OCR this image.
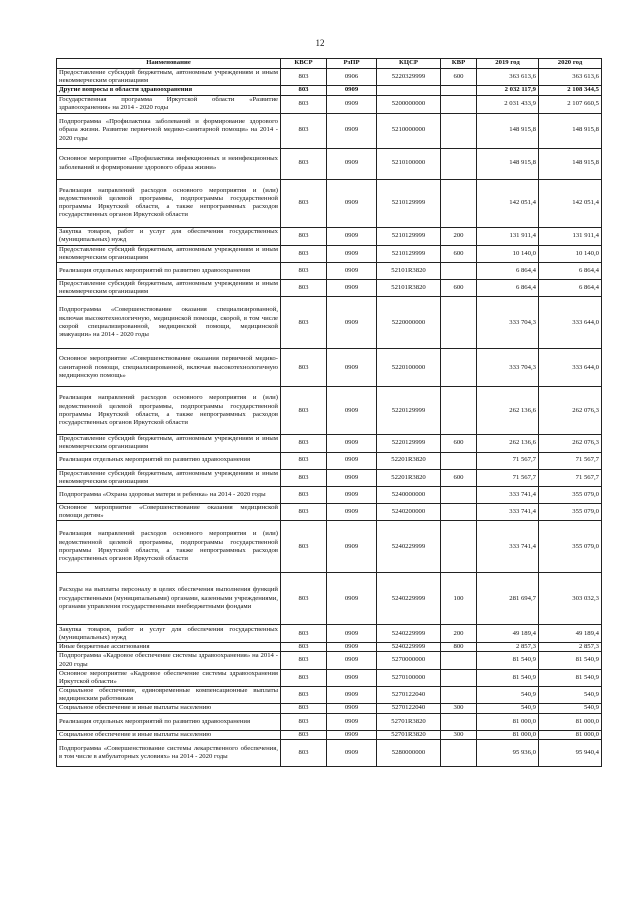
12
Наименование	КВСР	РзПР	КЦСР	КВР	2019 год	2020 год
Предоставление субсидий бюджетным, автономным учреждениям и иным некоммерческим организациям	803	0906	5220329999	600	363 613,6	363 613,6
Другие вопросы в области здравоохранения	803	0909			2 032 117,9	2 108 344,5
Государственная программа Иркутской области «Развитие здравоохранения» на 2014 - 2020 годы	803	0909	5200000000		2 031 433,9	2 107 660,5
Подпрограмма «Профилактика заболеваний и формирование здорового образа жизни. Развитие первичной медико-санитарной помощи» на 2014 - 2020 годы	803	0909	5210000000		148 915,8	148 915,8
Основное мероприятие «Профилактика инфекционных и неинфекционных заболеваний и формирование здорового образа жизни»	803	0909	5210100000		148 915,8	148 915,8
Реализация направлений расходов основного мероприятия и (или) ведомственной целевой программы, подпрограммы государственной программы Иркутской области, а также непрограммных расходов государственных органов Иркутской области	803	0909	5210129999		142 051,4	142 051,4
Закупка товаров, работ и услуг для обеспечения государственных (муниципальных) нужд	803	0909	5210129999	200	131 911,4	131 911,4
Предоставление субсидий бюджетным, автономным учреждениям и иным некоммерческим организациям	803	0909	5210129999	600	10 140,0	10 140,0
Реализация отдельных мероприятий по развитию здравоохранения	803	0909	52101R3820		6 864,4	6 864,4
Предоставление субсидий бюджетным, автономным учреждениям и иным некоммерческим организациям	803	0909	52101R3820	600	6 864,4	6 864,4
Подпрограмма «Совершенствование оказания специализированной, включая высокотехнологичную, медицинской помощи, скорой, в том числе скорой специализированной, медицинской помощи, медицинской эвакуации» на 2014 - 2020 годы	803	0909	5220000000		333 704,3	333 644,0
Основное мероприятие «Совершенствование оказания первичной медико-санитарной помощи, специализированной, включая высокотехнологичную медицинскую помощь»	803	0909	5220100000		333 704,3	333 644,0
Реализация направлений расходов основного мероприятия и (или) ведомственной целевой программы, подпрограммы государственной программы Иркутской области, а также непрограммных расходов государственных органов Иркутской области	803	0909	5220129999		262 136,6	262 076,3
Предоставление субсидий бюджетным, автономным учреждениям и иным некоммерческим организациям	803	0909	5220129999	600	262 136,6	262 076,3
Реализация отдельных мероприятий по развитию здравоохранения	803	0909	52201R3820		71 567,7	71 567,7
Предоставление субсидий бюджетным, автономным учреждениям и иным некоммерческим организациям	803	0909	52201R3820	600	71 567,7	71 567,7
Подпрограмма «Охрана здоровья матери и ребенка» на 2014 - 2020 годы	803	0909	5240000000		333 741,4	355 079,0
Основное мероприятие «Совершенствование оказания медицинской помощи детям»	803	0909	5240200000		333 741,4	355 079,0
Реализация направлений расходов основного мероприятия и (или) ведомственной целевой программы, подпрограммы государственной программы Иркутской области, а также непрограммных расходов государственных органов Иркутской области	803	0909	5240229999		333 741,4	355 079,0
Расходы на выплаты персоналу в целях обеспечения выполнения функций государственными (муниципальными) органами, казенными учреждениями, органами управления государственными внебюджетными фондами	803	0909	5240229999	100	281 694,7	303 032,3
Закупка товаров, работ и услуг для обеспечения государственных (муниципальных) нужд	803	0909	5240229999	200	49 189,4	49 189,4
Иные бюджетные ассигнования	803	0909	5240229999	800	2 857,3	2 857,3
Подпрограмма «Кадровое обеспечение системы здравоохранения» на 2014 - 2020 годы	803	0909	5270000000		81 540,9	81 540,9
Основное мероприятие «Кадровое обеспечение системы здравоохранения Иркутской области»	803	0909	5270100000		81 540,9	81 540,9
Социальное обеспечение, единовременные компенсационные выплаты медицинским работникам	803	0909	5270122040		540,9	540,9
Социальное обеспечение и иные выплаты населению	803	0909	5270122040	300	540,9	540,9
Реализация отдельных мероприятий по развитию здравоохранения	803	0909	52701R3820		81 000,0	81 000,0
Социальное обеспечение и иные выплаты населению	803	0909	52701R3820	300	81 000,0	81 000,0
Подпрограмма «Совершенствование системы лекарственного обеспечения, в том числе в амбулаторных условиях» на 2014 - 2020 годы	803	0909	5280000000		95 936,0	95 940,4
